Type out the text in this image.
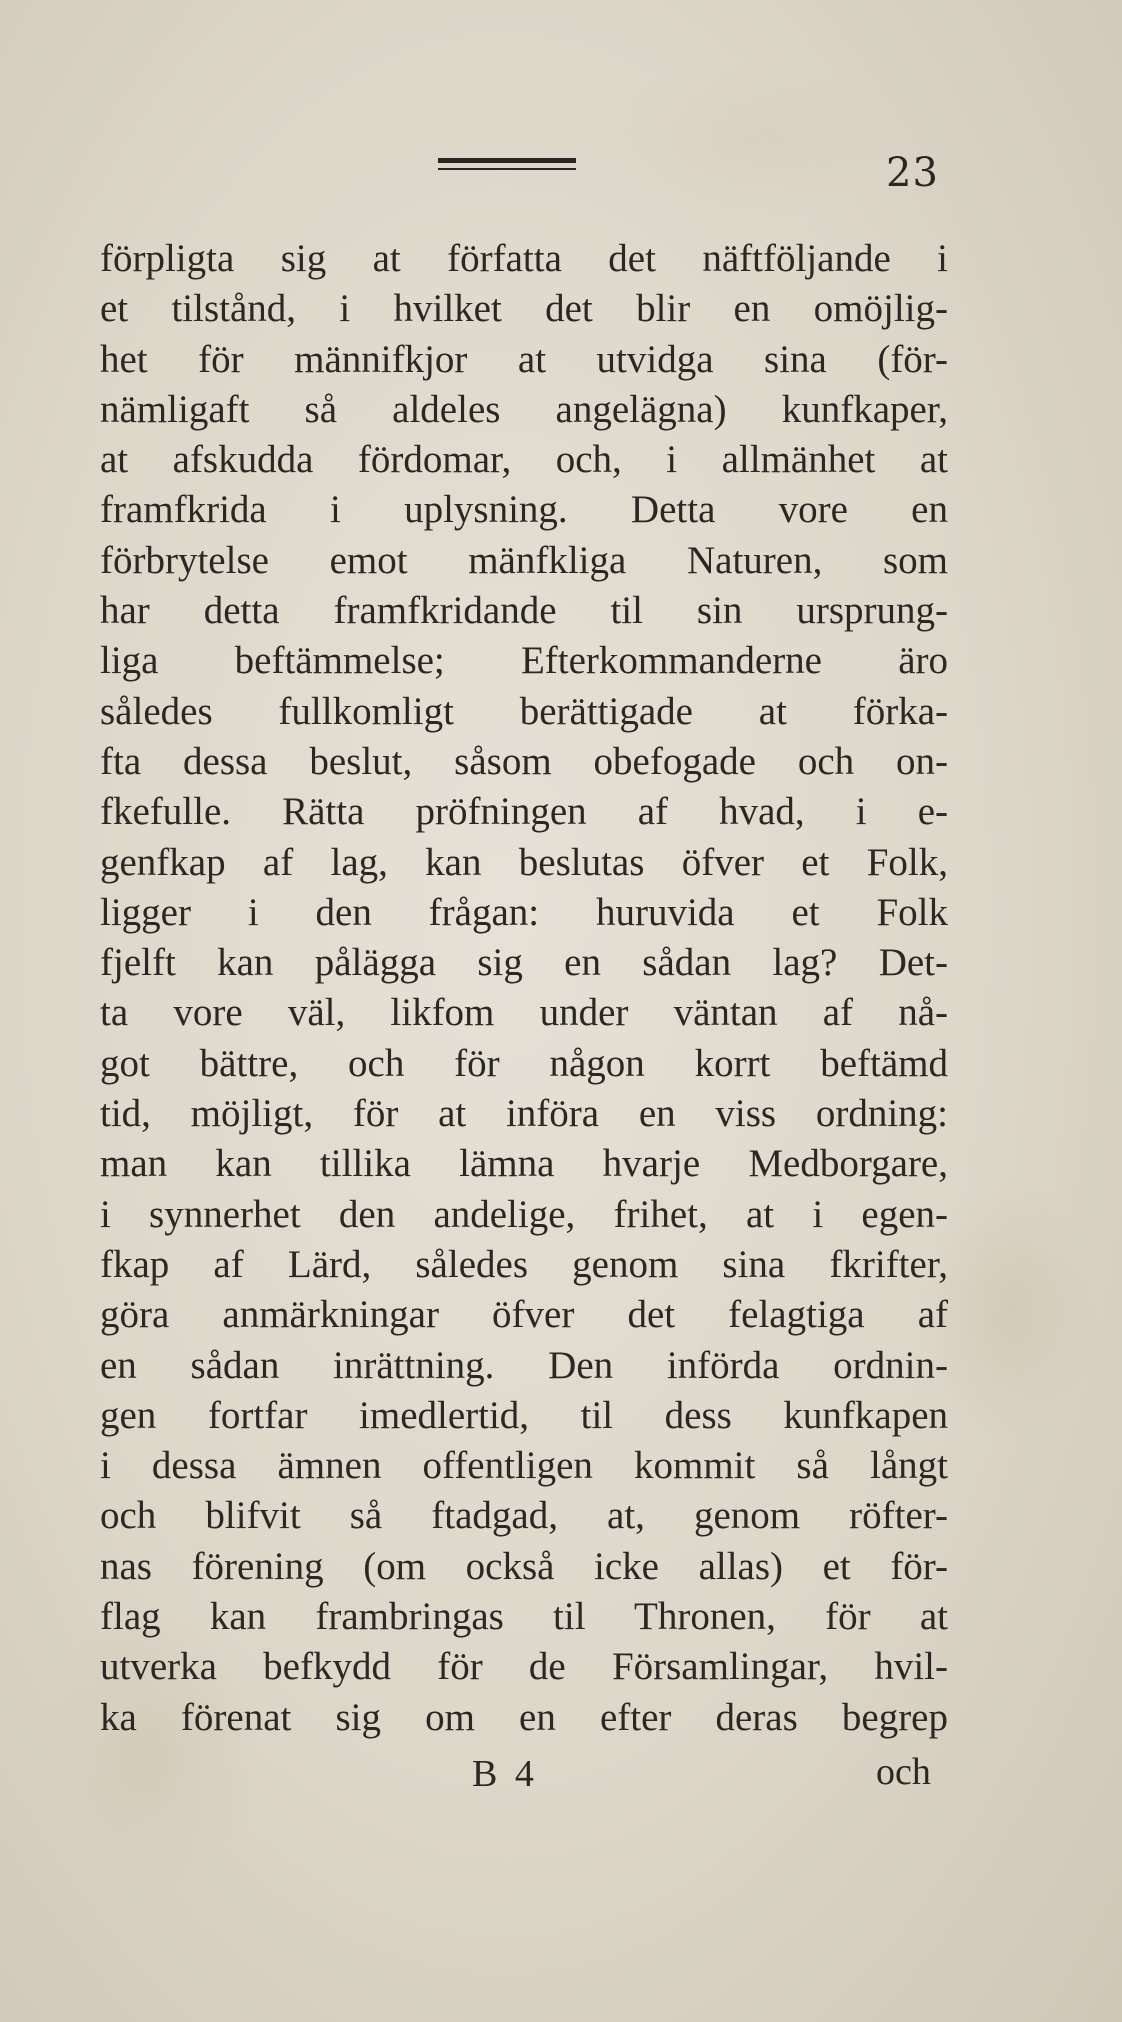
23
förpligta sig at författa det näftföljande i
et tilstånd, i hvilket det blir en omöjlig-
het för männifkjor at utvidga sina (för-
nämligaft så aldeles angelägna) kunfkaper,
at afskudda fördomar, och, i allmänhet at
framfkrida i uplysning. Detta vore en
förbrytelse emot mänfkliga Naturen, som
har detta framfkridande til sin ursprung-
liga beftämmelse; Efterkommanderne äro
således fullkomligt berättigade at förka-
fta dessa beslut, såsom obefogade och on-
fkefulle. Rätta pröfningen af hvad, i e-
genfkap af lag, kan beslutas öfver et Folk,
ligger i den frågan: huruvida et Folk
fjelft kan pålägga sig en sådan lag? Det-
ta vore väl, likfom under väntan af nå-
got bättre, och för någon korrt beftämd
tid, möjligt, för at införa en viss ordning:
man kan tillika lämna hvarje Medborgare,
i synnerhet den andelige, frihet, at i egen-
fkap af Lärd, således genom sina fkrifter,
göra anmärkningar öfver det felagtiga af
en sådan inrättning. Den införda ordnin-
gen fortfar imedlertid, til dess kunfkapen
i dessa ämnen offentligen kommit så långt
och blifvit så ftadgad, at, genom röfter-
nas förening (om också icke allas) et för-
flag kan frambringas til Thronen, för at
utverka befkydd för de Församlingar, hvil-
ka förenat sig om en efter deras begrep
B 4	och
